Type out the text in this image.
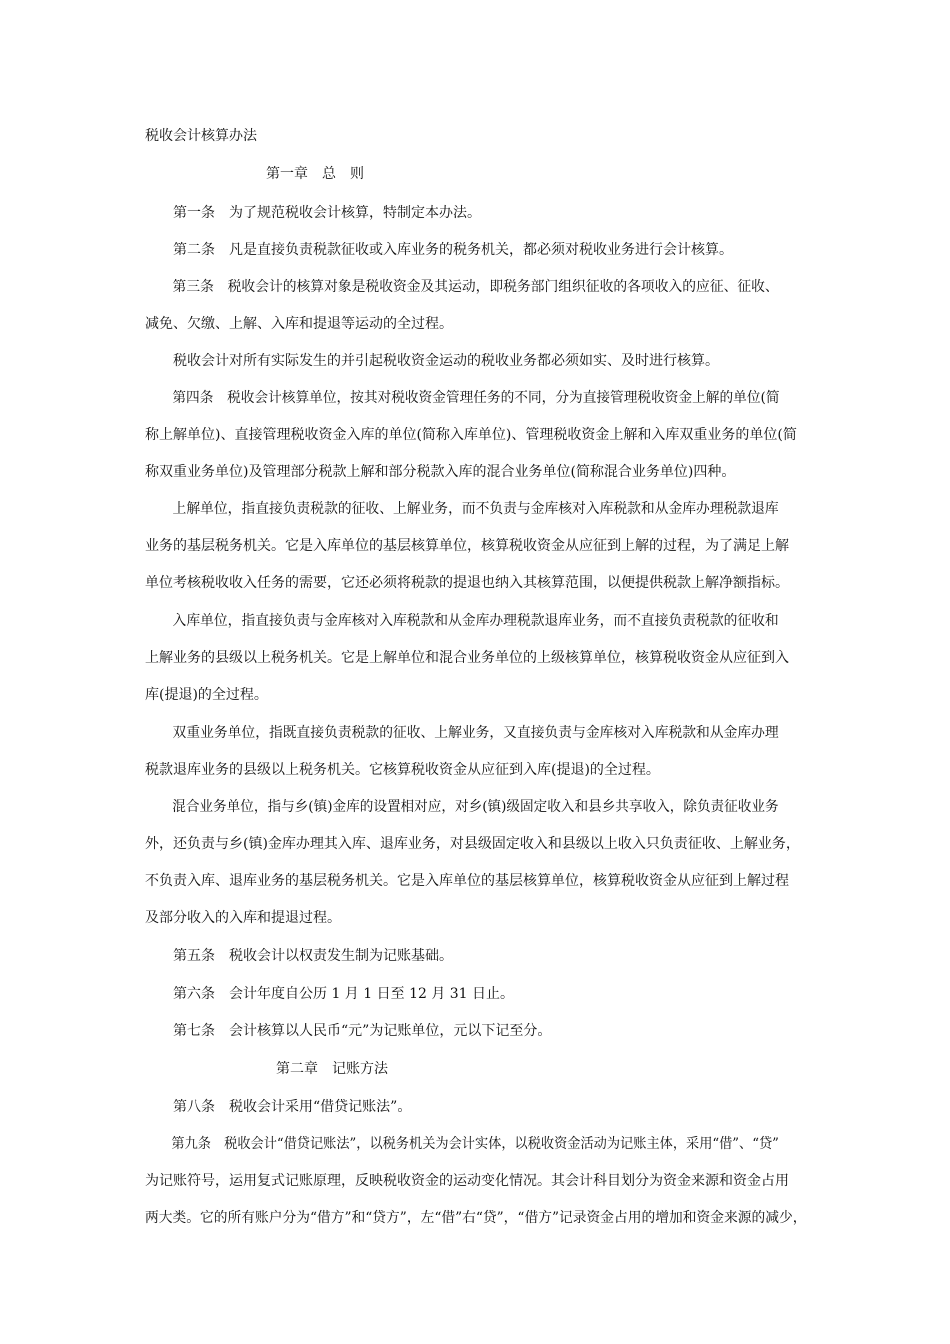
税收会计核算办法
第一章　总　则
第一条　为了规范税收会计核算，特制定本办法。
第二条　凡是直接负责税款征收或入库业务的税务机关，都必须对税收业务进行会计核算。
第三条　税收会计的核算对象是税收资金及其运动，即税务部门组织征收的各项收入的应征、征收、
减免、欠缴、上解、入库和提退等运动的全过程。
税收会计对所有实际发生的并引起税收资金运动的税收业务都必须如实、及时进行核算。
第四条　税收会计核算单位，按其对税收资金管理任务的不同，分为直接管理税收资金上解的单位(简
称上解单位)、直接管理税收资金入库的单位(简称入库单位)、管理税收资金上解和入库双重业务的单位(简
称双重业务单位)及管理部分税款上解和部分税款入库的混合业务单位(简称混合业务单位)四种。
上解单位，指直接负责税款的征收、上解业务，而不负责与金库核对入库税款和从金库办理税款退库
业务的基层税务机关。它是入库单位的基层核算单位，核算税收资金从应征到上解的过程，为了满足上解
单位考核税收收入任务的需要，它还必须将税款的提退也纳入其核算范围，以便提供税款上解净额指标。
入库单位，指直接负责与金库核对入库税款和从金库办理税款退库业务，而不直接负责税款的征收和
上解业务的县级以上税务机关。它是上解单位和混合业务单位的上级核算单位，核算税收资金从应征到入
库(提退)的全过程。
双重业务单位，指既直接负责税款的征收、上解业务，又直接负责与金库核对入库税款和从金库办理
税款退库业务的县级以上税务机关。它核算税收资金从应征到入库(提退)的全过程。
混合业务单位，指与乡(镇)金库的设置相对应，对乡(镇)级固定收入和县乡共享收入，除负责征收业务
外，还负责与乡(镇)金库办理其入库、退库业务，对县级固定收入和县级以上收入只负责征收、上解业务，
不负责入库、退库业务的基层税务机关。它是入库单位的基层核算单位，核算税收资金从应征到上解过程
及部分收入的入库和提退过程。
第五条　税收会计以权责发生制为记账基础。
第六条　会计年度自公历 1 月 1 日至 12 月 31 日止。
第七条　会计核算以人民币“元”为记账单位，元以下记至分。
第二章　记账方法
第八条　税收会计采用“借贷记账法”。
第九条　税收会计“借贷记账法”，以税务机关为会计实体，以税收资金活动为记账主体，采用“借”、“贷”
为记账符号，运用复式记账原理，反映税收资金的运动变化情况。其会计科目划分为资金来源和资金占用
两大类。它的所有账户分为“借方”和“贷方”，左“借”右“贷”，“借方”记录资金占用的增加和资金来源的减少，
